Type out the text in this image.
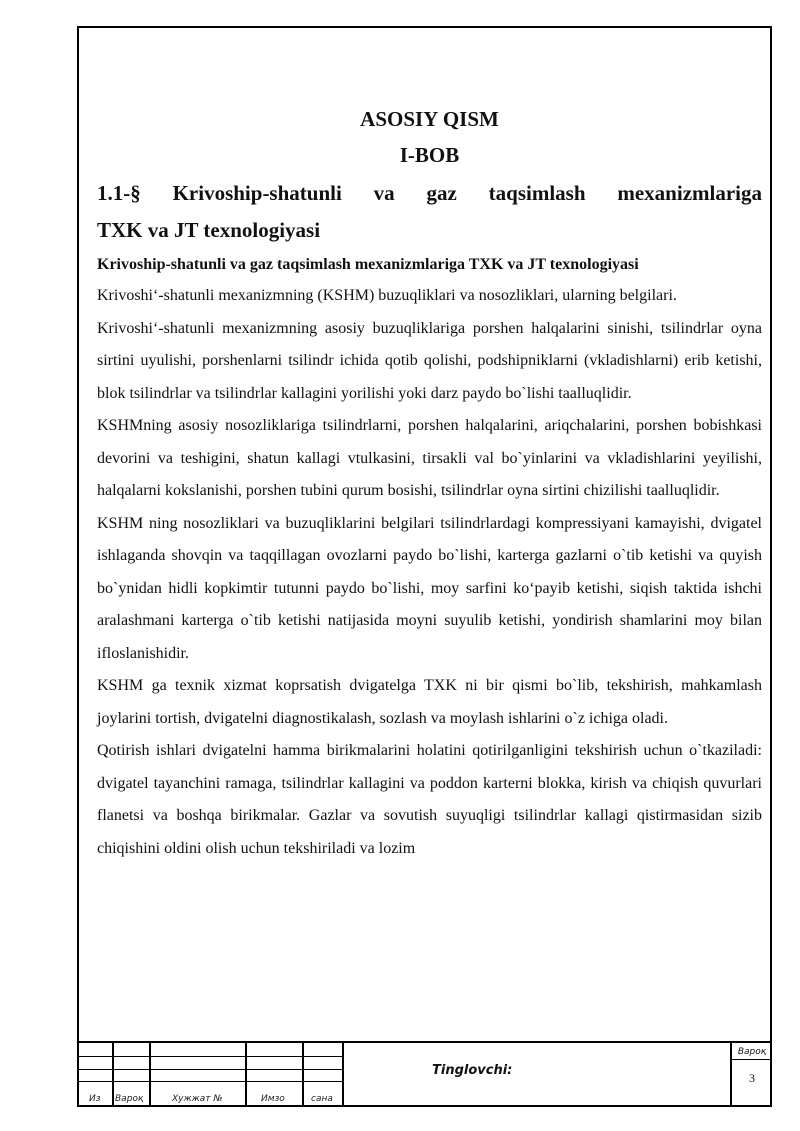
ASOSIY QISM

I-BOB

1.1-§ Krivoship-shatunli va gaz taqsimlash mexanizmlariga
TXK va JT texnologiyasi

Krivoship-shatunli va gaz taqsimlash mexanizmlariga TXK va JT texnologiyasi

Krivoshi‘-shatunli mexanizmning (KSHM) buzuqliklari va nosozliklari, ularning belgilari.

Krivoshi‘-shatunli mexanizmning asosiy buzuqliklariga porshen halqalarini sinishi, tsilindrlar oyna sirtini uyulishi, porshenlarni tsilindr ichida qotib qolishi, podshipniklarni (vkladishlarni) erib ketishi, blok tsilindrlar va tsilindrlar kallagini yorilishi yoki darz paydo bo`lishi taalluqlidir.

KSHMning asosiy nosozliklariga tsilindrlarni, porshen halqalarini, ariqchalarini, porshen bobishkasi devorini va teshigini, shatun kallagi vtulkasini, tirsakli val bo`yinlarini va vkladishlarini yeyilishi, halqalarni kokslanishi, porshen tubini qurum bosishi, tsilindrlar oyna sirtini chizilishi taalluqlidir.

KSHM ning nosozliklari va buzuqliklarini belgilari tsilindrlardagi kompressiyani kamayishi, dvigatel ishlaganda shovqin va taqqillagan ovozlarni paydo bo`lishi, karterga gazlarni o`tib ketishi va quyish bo`ynidan hidli kopkimtir tutunni paydo bo`lishi, moy sarfini ko‘payib ketishi, siqish taktida ishchi aralashmani karterga o`tib ketishi natijasida moyni suyulib ketishi, yondirish shamlarini moy bilan ifloslanishidir.

KSHM ga texnik xizmat koprsatish dvigatelga TXK ni bir qismi bo`lib, tekshirish, mahkamlash joylarini tortish, dvigatelni diagnostikalash, sozlash va moylash ishlarini o`z ichiga oladi.

Qotirish ishlari dvigatelni hamma birikmalarini holatini qotirilganligini tekshirish uchun o`tkaziladi: dvigatel tayanchini ramaga, tsilindrlar kallagini va poddon karterni blokka, kirish va chiqish quvurlari flanetsi va boshqa birikmalar. Gazlar va sovutish suyuqligi tsilindrlar kallagi qistirmasidan sizib chiqishini oldini olish uchun tekshiriladi va lozim

Из Вароқ	Хужжат №	Имзо	сана
Tinglovchi:
Вароқ
3
